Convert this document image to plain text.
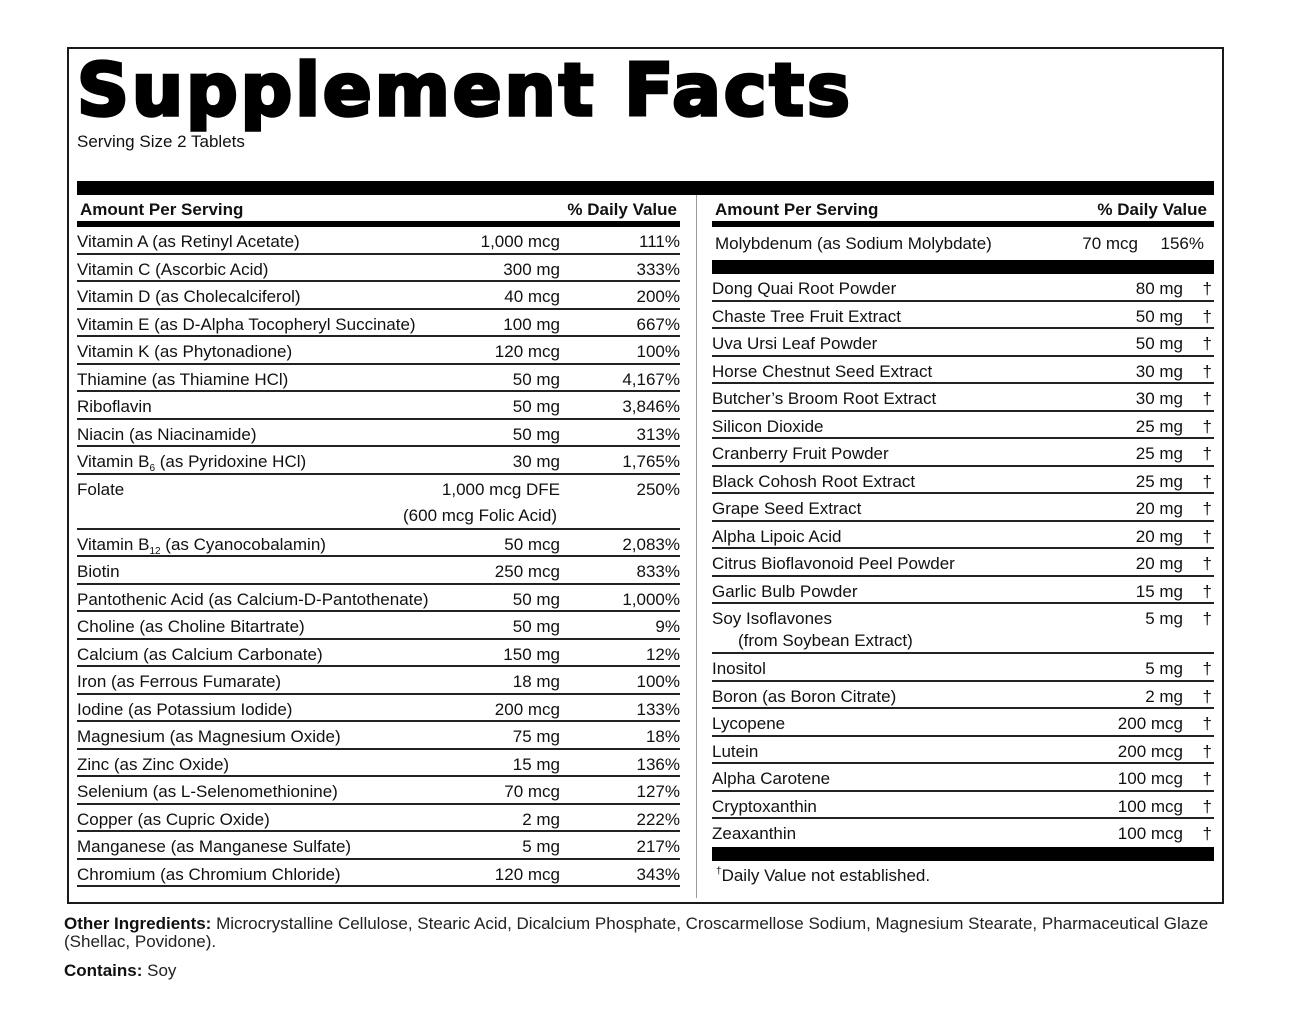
Supplement Facts
Serving Size 2 Tablets
Amount Per Serving	% Daily Value
Vitamin A (as Retinyl Acetate)	1,000 mcg	111%
Vitamin C (Ascorbic Acid)	300 mg	333%
Vitamin D (as Cholecalciferol)	40 mcg	200%
Vitamin E (as D-Alpha Tocopheryl Succinate)	100 mg	667%
Vitamin K (as Phytonadione)	120 mcg	100%
Thiamine (as Thiamine HCl)	50 mg	4,167%
Riboflavin	50 mg	3,846%
Niacin (as Niacinamide)	50 mg	313%
Vitamin $B_6$ (as Pyridoxine HCl)	30 mg	1,765%
Folate	1,000 mcg DFE	250%
(600 mcg Folic Acid)
Vitamin $B_{12}$ (as Cyanocobalamin)	50 mcg	2,083%
Biotin	250 mcg	833%
Pantothenic Acid (as Calcium-D-Pantothenate)	50 mg	1,000%
Choline (as Choline Bitartrate)	50 mg	9%
Calcium (as Calcium Carbonate)	150 mg	12%
Iron (as Ferrous Fumarate)	18 mg	100%
Iodine (as Potassium Iodide)	200 mcg	133%
Magnesium (as Magnesium Oxide)	75 mg	18%
Zinc (as Zinc Oxide)	15 mg	136%
Selenium (as L-Selenomethionine)	70 mcg	127%
Copper (as Cupric Oxide)	2 mg	222%
Manganese (as Manganese Sulfate)	5 mg	217%
Chromium (as Chromium Chloride)	120 mcg	343%
Amount Per Serving	% Daily Value
Molybdenum (as Sodium Molybdate)	70 mcg 156%
Dong Quai Root Powder	80 mg †
Chaste Tree Fruit Extract	50 mg †
Uva Ursi Leaf Powder	50 mg †
Horse Chestnut Seed Extract	30 mg †
Butcher’s Broom Root Extract	30 mg †
Silicon Dioxide	25 mg †
Cranberry Fruit Powder	25 mg †
Black Cohosh Root Extract	25 mg †
Grape Seed Extract	20 mg †
Alpha Lipoic Acid	20 mg †
Citrus Bioflavonoid Peel Powder	20 mg †
Garlic Bulb Powder	15 mg †
Soy Isoflavones	5 mg †
(from Soybean Extract)
Inositol	5 mg †
Boron (as Boron Citrate)	2 mg †
Lycopene	200 mcg †
Lutein	200 mcg †
Alpha Carotene	100 mcg †
Cryptoxanthin	100 mcg †
Zeaxanthin	100 mcg †
†Daily Value not established.
Other Ingredients: Microcrystalline Cellulose, Stearic Acid, Dicalcium Phosphate, Croscarmellose Sodium, Magnesium Stearate, Pharmaceutical Glaze (Shellac, Povidone).
Contains: Soy
